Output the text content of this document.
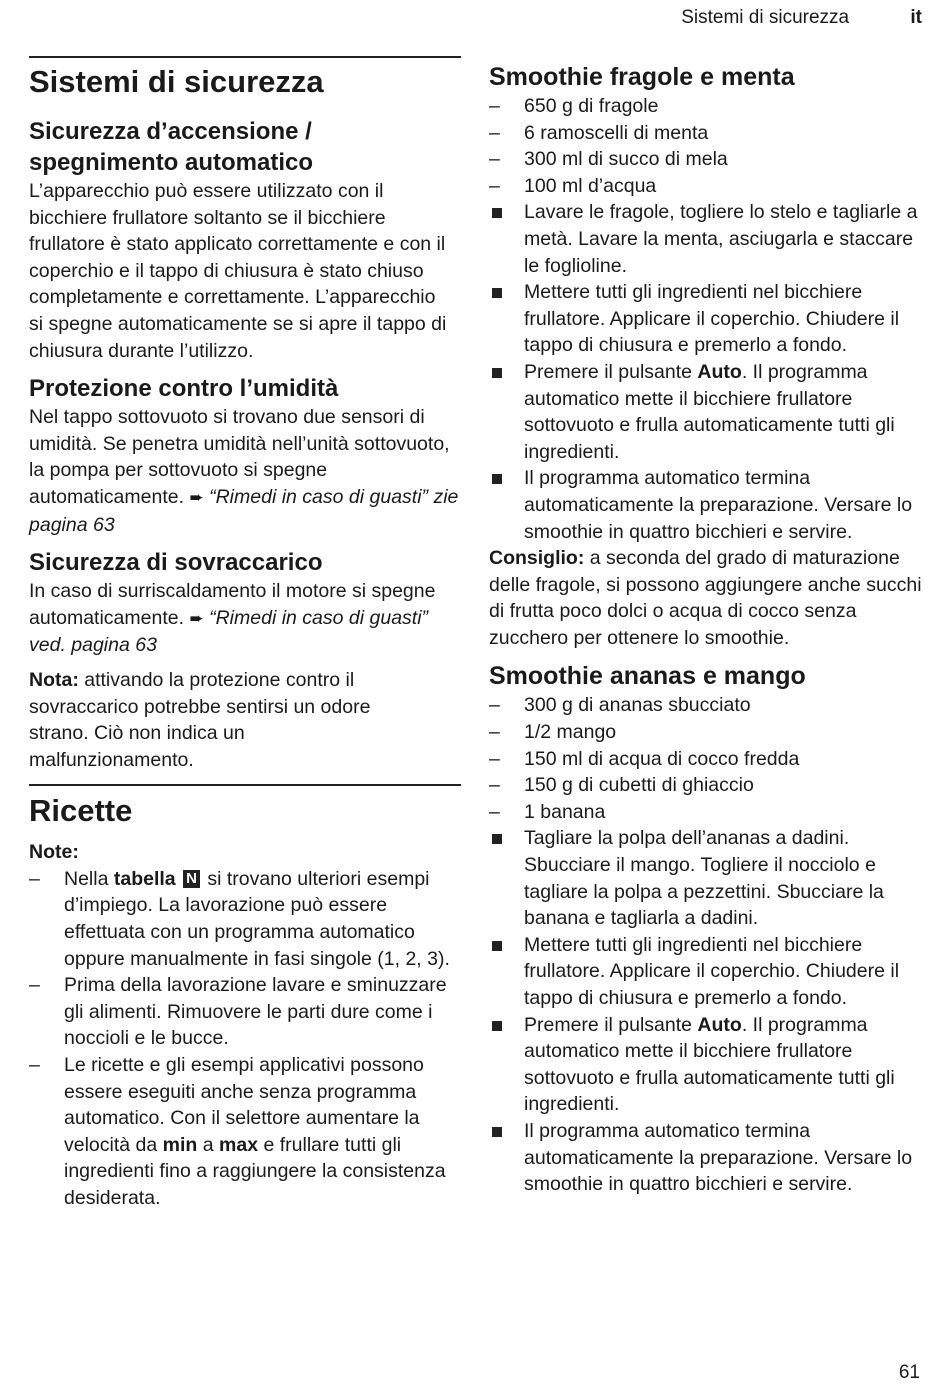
Sistemi di sicurezza	it
Sistemi di sicurezza
Sicurezza d’accensione / spegnimento automatico

L’apparecchio può essere utilizzato con il bicchiere frullatore soltanto se il bicchiere frullatore è stato applicato correttamente e con il coperchio e il tappo di chiusura è stato chiuso completamente e correttamente. L’apparecchio si spegne automaticamente se si apre il tappo di chiusura durante l’utilizzo.

Protezione contro l’umidità

Nel tappo sottovuoto si trovano due sensori di umidità. Se penetra umidità nell’unità sottovuoto, la pompa per sottovuoto si spegne automaticamente. ➨ “Rimedi in caso di guasti” zie pagina 63

Sicurezza di sovraccarico

In caso di surriscaldamento il motore si spegne automaticamente. ➨ “Rimedi in caso di guasti” ved. pagina 63

Nota: attivando la protezione contro il sovraccarico potrebbe sentirsi un odore strano. Ciò non indica un malfunzionamento.

Ricette

Note:

– Nella tabella N si trovano ulteriori esempi d’impiego. La lavorazione può essere effettuata con un programma automatico oppure manualmente in fasi singole (1, 2, 3).
– Prima della lavorazione lavare e sminuzzare gli alimenti. Rimuovere le parti dure come i noccioli e le bucce.
– Le ricette e gli esempi applicativi possono essere eseguiti anche senza programma automatico. Con il selettore aumentare la velocità da min a max e frullare tutti gli ingredienti fino a raggiungere la consistenza desiderata.
Smoothie fragole e menta
– 650 g di fragole
– 6 ramoscelli di menta
– 300 ml di succo di mela
– 100 ml d’acqua
Lavare le fragole, togliere lo stelo e tagliarle a metà. Lavare la menta, asciugarla e staccare le foglioline.
Mettere tutti gli ingredienti nel bicchiere frullatore. Applicare il coperchio. Chiudere il tappo di chiusura e premerlo a fondo.
Premere il pulsante Auto. Il programma automatico mette il bicchiere frullatore sottovuoto e frulla automaticamente tutti gli ingredienti.
Il programma automatico termina automaticamente la preparazione. Versare lo smoothie in quattro bicchieri e servire.

Consiglio: a seconda del grado di maturazione delle fragole, si possono aggiungere anche succhi di frutta poco dolci o acqua di cocco senza zucchero per ottenere lo smoothie.

Smoothie ananas e mango
– 300 g di ananas sbucciato
– 1/2 mango
– 150 ml di acqua di cocco fredda
– 150 g di cubetti di ghiaccio
– 1 banana
Tagliare la polpa dell’ananas a dadini. Sbucciare il mango. Togliere il nocciolo e tagliare la polpa a pezzettini. Sbucciare la banana e tagliarla a dadini.
Mettere tutti gli ingredienti nel bicchiere frullatore. Applicare il coperchio. Chiudere il tappo di chiusura e premerlo a fondo.
Premere il pulsante Auto. Il programma automatico mette il bicchiere frullatore sottovuoto e frulla automaticamente tutti gli ingredienti.
Il programma automatico termina automaticamente la preparazione. Versare lo smoothie in quattro bicchieri e servire.
61
